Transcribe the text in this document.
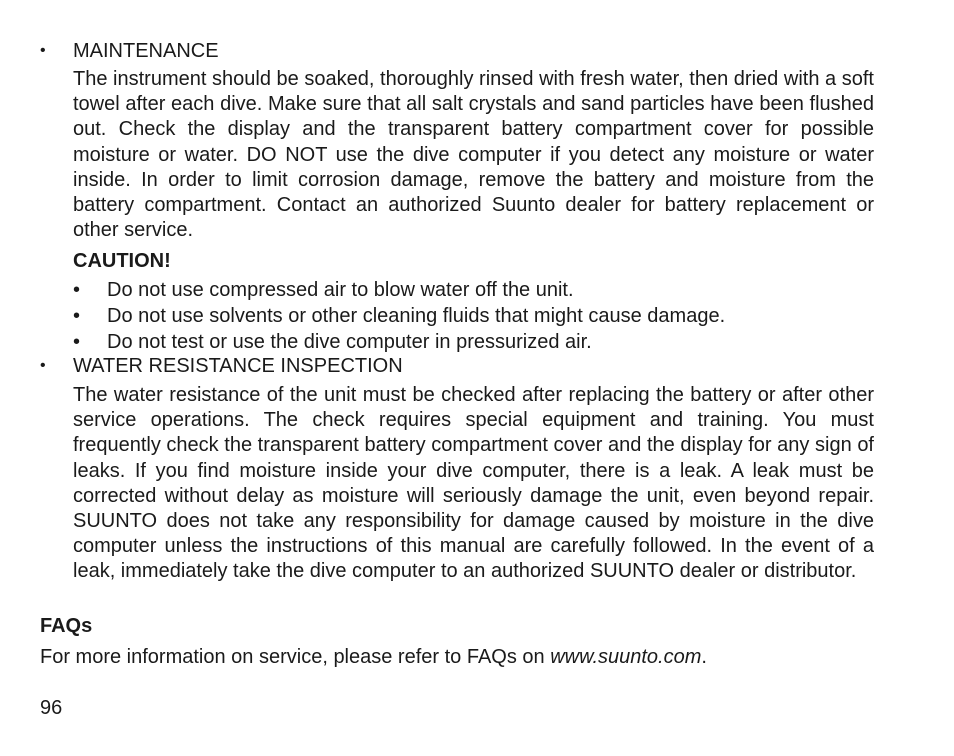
•	MAINTENANCE

The instrument should be soaked, thoroughly rinsed with fresh water, then dried with a soft towel after each dive. Make sure that all salt crystals and sand particles have been flushed out. Check the display and the transparent battery compartment cover for possible moisture or water. DO NOT use the dive computer if you detect any moisture or water inside. In order to limit corrosion damage, remove the battery and moisture from the battery compartment. Contact an authorized Suunto dealer for battery replacement or other service.

CAUTION!
•	Do not use compressed air to blow water off the unit.
•	Do not use solvents or other cleaning fluids that might cause damage.
•	Do not test or use the dive computer in pressurized air.
•	WATER RESISTANCE INSPECTION

The water resistance of the unit must be checked after replacing the battery or after other service operations. The check requires special equipment and training. You must frequently check the transparent battery compartment cover and the display for any sign of leaks. If you find moisture inside your dive computer, there is a leak. A leak must be corrected without delay as moisture will seriously damage the unit, even beyond repair. SUUNTO does not take any responsibility for damage caused by moisture in the dive computer unless the instructions of this manual are carefully followed. In the event of a leak, immediately take the dive computer to an authorized SUUNTO dealer or distributor.

FAQs
For more information on service, please refer to FAQs on www.suunto.com.
96
